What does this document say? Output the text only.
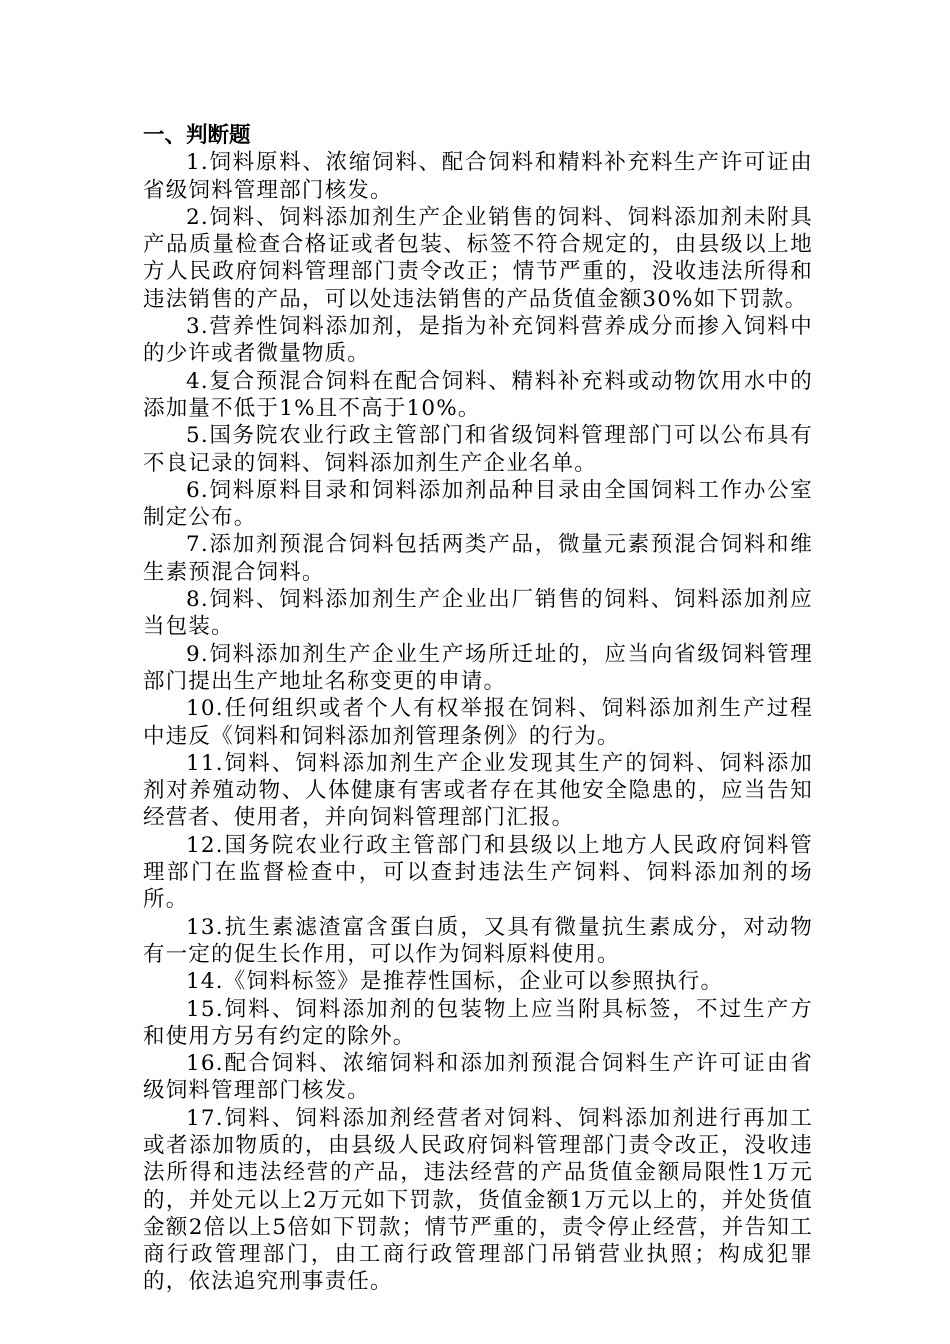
一、判断题

1.饲料原料、浓缩饲料、配合饲料和精料补充料生产许可证由省级饲料管理部门核发。

2.饲料、饲料添加剂生产企业销售的饲料、饲料添加剂未附具产品质量检查合格证或者包装、标签不符合规定的，由县级以上地方人民政府饲料管理部门责令改正；情节严重的，没收违法所得和违法销售的产品，可以处违法销售的产品货值金额30%如下罚款。

3.营养性饲料添加剂，是指为补充饲料营养成分而掺入饲料中的少许或者微量物质。

4.复合预混合饲料在配合饲料、精料补充料或动物饮用水中的添加量不低于1%且不高于10%。

5.国务院农业行政主管部门和省级饲料管理部门可以公布具有不良记录的饲料、饲料添加剂生产企业名单。

6.饲料原料目录和饲料添加剂品种目录由全国饲料工作办公室制定公布。

7.添加剂预混合饲料包括两类产品，微量元素预混合饲料和维生素预混合饲料。

8.饲料、饲料添加剂生产企业出厂销售的饲料、饲料添加剂应当包装。

9.饲料添加剂生产企业生产场所迁址的，应当向省级饲料管理部门提出生产地址名称变更的申请。

10.任何组织或者个人有权举报在饲料、饲料添加剂生产过程中违反《饲料和饲料添加剂管理条例》的行为。

11.饲料、饲料添加剂生产企业发现其生产的饲料、饲料添加剂对养殖动物、人体健康有害或者存在其他安全隐患的，应当告知经营者、使用者，并向饲料管理部门汇报。

12.国务院农业行政主管部门和县级以上地方人民政府饲料管理部门在监督检查中，可以查封违法生产饲料、饲料添加剂的场所。

13.抗生素滤渣富含蛋白质，又具有微量抗生素成分，对动物有一定的促生长作用，可以作为饲料原料使用。

14.《饲料标签》是推荐性国标，企业可以参照执行。

15.饲料、饲料添加剂的包装物上应当附具标签，不过生产方和使用方另有约定的除外。

16.配合饲料、浓缩饲料和添加剂预混合饲料生产许可证由省级饲料管理部门核发。

17.饲料、饲料添加剂经营者对饲料、饲料添加剂进行再加工或者添加物质的，由县级人民政府饲料管理部门责令改正，没收违法所得和违法经营的产品，违法经营的产品货值金额局限性1万元的，并处元以上2万元如下罚款，货值金额1万元以上的，并处货值金额2倍以上5倍如下罚款；情节严重的，责令停止经营，并告知工商行政管理部门，由工商行政管理部门吊销营业执照；构成犯罪的，依法追究刑事责任。
